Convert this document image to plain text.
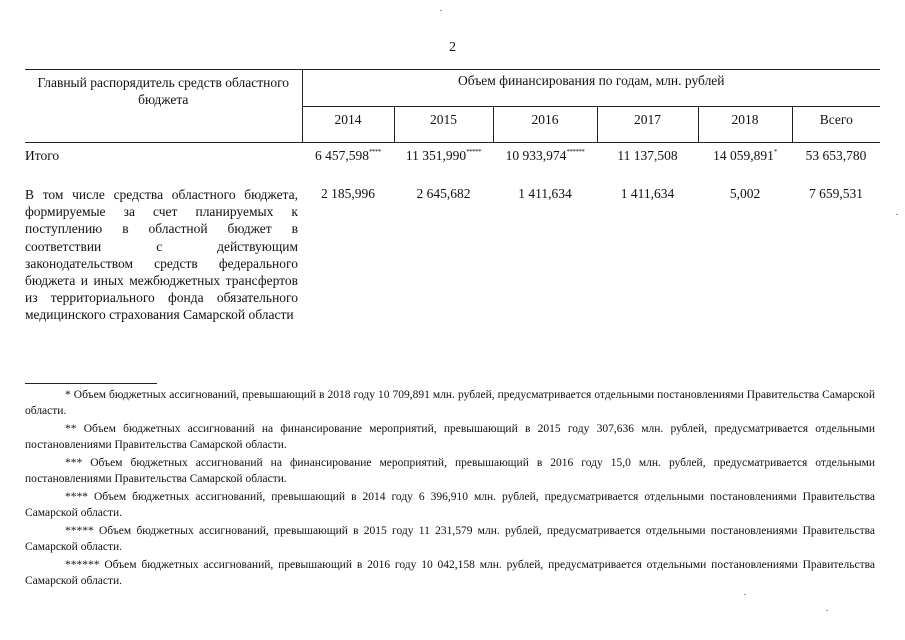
2
Главный распорядитель средств областного бюджета	Объем финансирования по годам, млн. рублей					
	2014	2015	2016	2017	2018	Всего
Итого	6 457,598****	11 351,990*****	10 933,974******	11 137,508	14 059,891*	53 653,780
В том числе средства областного бюджета, формируемые за счет планируемых к поступлению в областной бюджет в соответствии с действующим законодательством средств федерального бюджета и иных межбюджетных трансфертов из территориального фонда обязательного медицинского страхования Самарской области	2 185,996	2 645,682	1 411,634	1 411,634	5,002	7 659,531

* Объем бюджетных ассигнований, превышающий в 2018 году 10 709,891 млн. рублей, предусматривается отдельными постановлениями Правительства Самарской области.

** Объем бюджетных ассигнований на финансирование мероприятий, превышающий в 2015 году 307,636 млн. рублей, предусматривается отдельными постановлениями Правительства Самарской области.

*** Объем бюджетных ассигнований на финансирование мероприятий, превышающий в 2016 году 15,0 млн. рублей, предусматривается отдельными постановлениями Правительства Самарской области.

**** Объем бюджетных ассигнований, превышающий в 2014 году 6 396,910 млн. рублей, предусматривается отдельными постановлениями Правительства Самарской области.

***** Объем бюджетных ассигнований, превышающий в 2015 году 11 231,579 млн. рублей, предусматривается отдельными постановлениями Правительства Самарской области.

****** Объем бюджетных ассигнований, превышающий в 2016 году 10 042,158 млн. рублей, предусматривается отдельными постановлениями Правительства Самарской области.
